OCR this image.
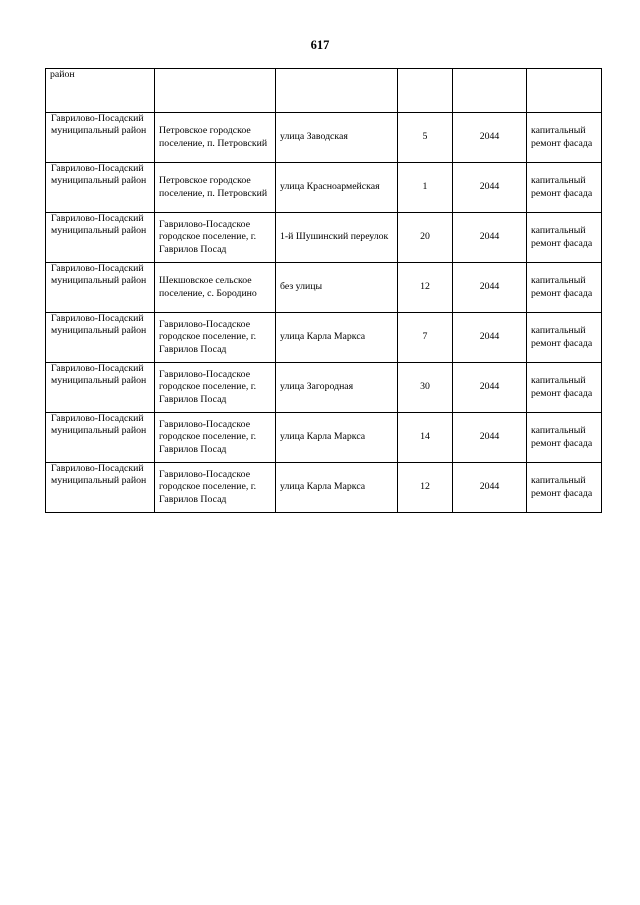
617
район					
Гаврилово-Посадский муниципальный район	Петровское городское поселение, п. Петровский	улица Заводская	5	2044	капитальный ремонт фасада
Гаврилово-Посадский муниципальный район	Петровское городское поселение, п. Петровский	улица Красноармейская	1	2044	капитальный ремонт фасада
Гаврилово-Посадский муниципальный район	Гаврилово-Посадское городское поселение, г. Гаврилов Посад	1-й Шушинский переулок	20	2044	капитальный ремонт фасада
Гаврилово-Посадский муниципальный район	Шекшовское сельское поселение, с. Бородино	без улицы	12	2044	капитальный ремонт фасада
Гаврилово-Посадский муниципальный район	Гаврилово-Посадское городское поселение, г. Гаврилов Посад	улица Карла Маркса	7	2044	капитальный ремонт фасада
Гаврилово-Посадский муниципальный район	Гаврилово-Посадское городское поселение, г. Гаврилов Посад	улица Загородная	30	2044	капитальный ремонт фасада
Гаврилово-Посадский муниципальный район	Гаврилово-Посадское городское поселение, г. Гаврилов Посад	улица Карла Маркса	14	2044	капитальный ремонт фасада
Гаврилово-Посадский муниципальный район	Гаврилово-Посадское городское поселение, г. Гаврилов Посад	улица Карла Маркса	12	2044	капитальный ремонт фасада
